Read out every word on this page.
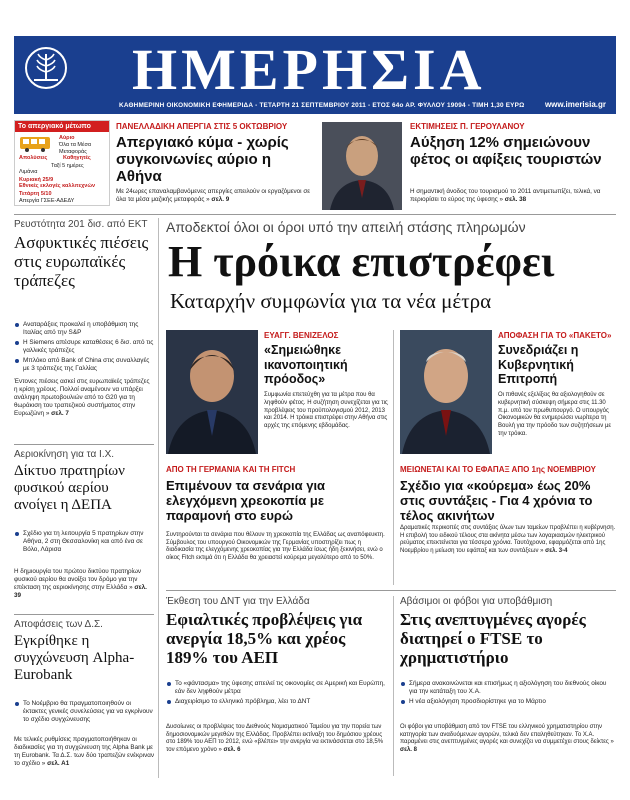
ΗΜΕΡΗΣΙΑ
ΚΑΘΗΜΕΡΙΝΗ ΟΙΚΟΝΟΜΙΚΗ ΕΦΗΜΕΡΙΔΑ - ΤΕΤΑΡΤΗ 21 ΣΕΠΤΕΜΒΡΙΟΥ 2011 - ΕΤΟΣ 64ο ΑΡ. ΦΥΛΛΟΥ 19094 - ΤΙΜΗ 1,30 ΕΥΡΩ	www.imerisia.gr
Το απεργιακό μέτωπο
Αύριο
Όλα τα Μέσα
Μεταφοράς
Απολύσεις	Καθηγητές
Ταξί 5 ημέρες
Λιμάνια
Κυριακή 25/9
Εθνικές εκλογές καλλιτεχνών
Τετάρτη 5/10
Απεργία ΓΣΕΕ-ΑΔΕΔΥ
ΠΑΝΕΛΛΑΔΙΚΗ ΑΠΕΡΓΙΑ ΣΤΙΣ 5 ΟΚΤΩΒΡΙΟΥ
Απεργιακό κύμα - χωρίς συγκοινωνίες αύριο η Αθήνα
Με 24ωρες επαναλαμβανόμενες απεργίες απειλούν οι εργαζόμενοι σε όλα τα μέσα μαζικής μεταφοράς » σελ. 9
ΕΚΤΙΜΗΣΕΙΣ Π. ΓΕΡΟΥΛΑΝΟΥ
Αύξηση 12% σημειώνουν φέτος οι αφίξεις τουριστών
Η σημαντική άνοδος του τουρισμού το 2011 αντιμετωπίζει, τελικά, να περιορίσει το εύρος της ύφεσης » σελ. 38
Ρευστότητα 201 δισ. από ΕΚΤ
Ασφυκτικές πιέσεις στις ευρωπαϊκές τράπεζες
Αναταράξεις προκαλεί η υποβάθμιση της Ιταλίας από την S&P
Η Siemens απέσυρε καταθέσεις 6 δισ. από τις γαλλικές τράπεζες
Μπλόκο από Bank of China στις συναλλαγές με 3 τράπεζες της Γαλλίας
Έντονες πιέσεις ασκεί στις ευρωπαϊκές τράπεζες η κρίση χρέους. Πολλοί αναμένουν να υπάρξει ανάληψη πρωτοβουλιών από το G20 για τη θωράκιση του τραπεζικού συστήματος στην Ευρωζώνη » σελ. 7
Αεριοκίνηση για τα Ι.Χ.
Δίκτυο πρατηρίων φυσικού αερίου ανοίγει η ΔΕΠΑ
Σχέδιο για τη λειτουργία 5 πρατηρίων στην Αθήνα, 2 στη Θεσσαλονίκη και από ένα σε Βόλο, Λάρισα
Η δημιουργία του πρώτου δικτύου πρατηρίων φυσικού αερίου θα ανοίξει τον δρόμο για την επέκταση της αεριοκίνησης στην Ελλάδα » σελ. 39
Αποφάσεις των Δ.Σ.
Εγκρίθηκε η συγχώνευση Alpha-Eurobank
Το Νοέμβριο θα πραγματοποιηθούν οι έκτακτες γενικές συνελεύσεις για να εγκρίνουν το σχέδιο συγχώνευσης
Με τελικές ρυθμίσεις πραγματοποιήθηκαν οι διαδικασίες για τη συγχώνευση της Alpha Bank με τη Eurobank. Τα Δ.Σ. των δύο τραπεζών ενέκριναν το σχέδιο » σελ. Α1
Αποδεκτοί όλοι οι όροι υπό την απειλή στάσης πληρωμών
Η τρόικα επιστρέφει
Καταρχήν συμφωνία για τα νέα μέτρα
ΕΥΑΓΓ. ΒΕΝΙΖΕΛΟΣ
«Σημειώθηκε ικανοποιητική πρόοδος»
Συμφωνία επετεύχθη για τα μέτρα που θα ληφθούν φέτος. Η συζήτηση συνεχίζεται για τις προβλέψεις του προϋπολογισμού 2012, 2013 και 2014. Η τρόικα επιστρέφει στην Αθήνα στις αρχές της επόμενης εβδομάδας.
ΑΠΟΦΑΣΗ ΓΙΑ ΤΟ «ΠΑΚΕΤΟ»
Συνεδριάζει η Κυβερνητική Επιτροπή
Οι πιθανές εξελίξεις θα αξιολογηθούν σε κυβερνητική σύσκεψη σήμερα στις 11.30 π.μ. υπό τον πρωθυπουργό. Ο υπουργός Οικονομικών θα ενημερώσει νωρίτερα τη Βουλή για την πρόοδο των συζητήσεων με την τρόικα.
ΑΠΟ ΤΗ ΓΕΡΜΑΝΙΑ ΚΑΙ ΤΗ FITCH
Επιμένουν τα σενάρια για ελεγχόμενη χρεοκοπία με παραμονή στο ευρώ
Συντηρούνται τα σενάρια που θέλουν τη χρεοκοπία της Ελλάδας ως αναπόφευκτη. Σύμβουλος του υπουργού Οικονομικών της Γερμανίας υποστηρίζει πως η διαδικασία της ελεγχόμενης χρεοκοπίας για την Ελλάδα ίσως ήδη ξεκινήσει, ενώ ο οίκος Fitch εκτιμά ότι η Ελλάδα θα χρειαστεί κούρεμα μεγαλύτερο από το 50%.
ΜΕΙΩΝΕΤΑΙ ΚΑΙ ΤΟ ΕΦΑΠΑΞ ΑΠΟ 1ης ΝΟΕΜΒΡΙΟΥ
Σχέδιο για «κούρεμα» έως 20% στις συντάξεις - Για 4 χρόνια το τέλος ακινήτων
Δραματικές περικοπές στις συντάξεις όλων των ταμείων προβλέπει η κυβέρνηση. Η επιβολή του ειδικού τέλους στα ακίνητα μέσω των λογαριασμών ηλεκτρικού ρεύματος επεκτείνεται για τέσσερα χρόνια. Ταυτόχρονα, εφαρμόζεται από 1ης Νοεμβρίου η μείωση του εφάπαξ και των συντάξεων » σελ. 3-4
Έκθεση του ΔΝΤ για την Ελλάδα
Εφιαλτικές προβλέψεις για ανεργία 18,5% και χρέος 189% του ΑΕΠ
Το «φάντασμα» της ύφεσης απειλεί τις οικονομίες σε Αμερική και Ευρώπη, εάν δεν ληφθούν μέτρα
Διαχειρίσιμο το ελληνικό πρόβλημα, λέει το ΔΝΤ
Δυσοίωνες οι προβλέψεις του Διεθνούς Νομισματικού Ταμείου για την πορεία των δημοσιονομικών μεγεθών της Ελλάδας. Προβλέπει εκτίναξη του δημόσιου χρέους στο 189% του ΑΕΠ το 2012, ενώ «βλέπει» την ανεργία να εκτινάσσεται στο 18,5% τον επόμενο χρόνο » σελ. 6
Αβάσιμοι οι φόβοι για υποβάθμιση
Στις ανεπτυγμένες αγορές διατηρεί ο FTSE το χρηματιστήριο
Σήμερα ανακοινώνεται και επισήμως η αξιολόγηση του διεθνούς οίκου για την κατάταξη του Χ.Α.
Η νέα αξιολόγηση προσδιορίστηκε για το Μάρτιο
Οι φόβοι για υποβάθμιση από τον FTSE του ελληνικού χρηματιστηρίου στην κατηγορία των αναδυόμενων αγορών, τελικά δεν επαληθεύτηκαν. Το Χ.Α. παραμένει στις ανεπτυγμένες αγορές και συνεχίζει να συμμετέχει στους δείκτες » σελ. 8
